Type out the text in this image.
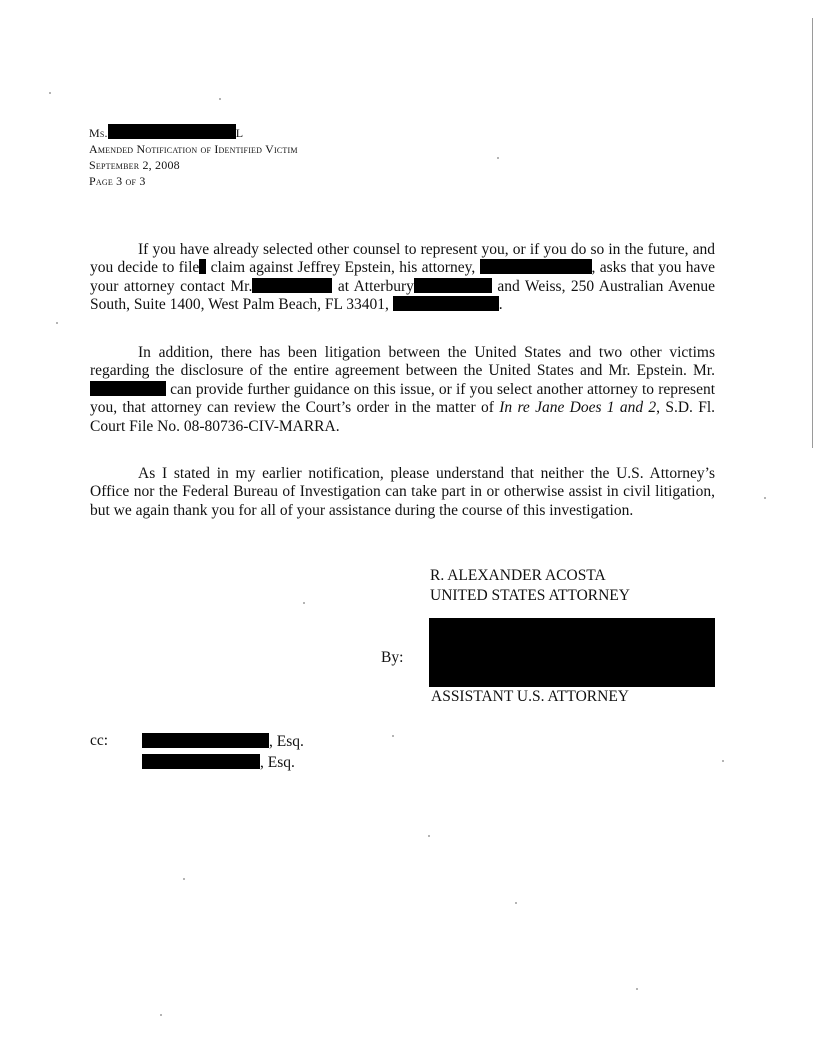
Ms.	L
Amended Notification of Identified Victim
September 2, 2008
Page 3 of 3
If you have already selected other counsel to represent you, or if you do so in the future, and you decide to file claim against Jeffrey Epstein, his attorney,	, asks that you have your attorney contact Mr.	at Atterbury	and Weiss, 250 Australian Avenue South, Suite 1400, West Palm Beach, FL 33401,	.
In addition, there has been litigation between the United States and two other victims regarding the disclosure of the entire agreement between the United States and Mr. Epstein. Mr.  can provide further guidance on this issue, or if you select another attorney to represent you, that attorney can review the Court’s order in the matter of In re Jane Does 1 and 2, S.D. Fl. Court File No. 08-80736-CIV-MARRA.
As I stated in my earlier notification, please understand that neither the U.S. Attorney’s Office nor the Federal Bureau of Investigation can take part in or otherwise assist in civil litigation, but we again thank you for all of your assistance during the course of this investigation.
R. ALEXANDER ACOSTA
UNITED STATES ATTORNEY
By:
ASSISTANT U.S. ATTORNEY
cc:	, Esq.
, Esq.
